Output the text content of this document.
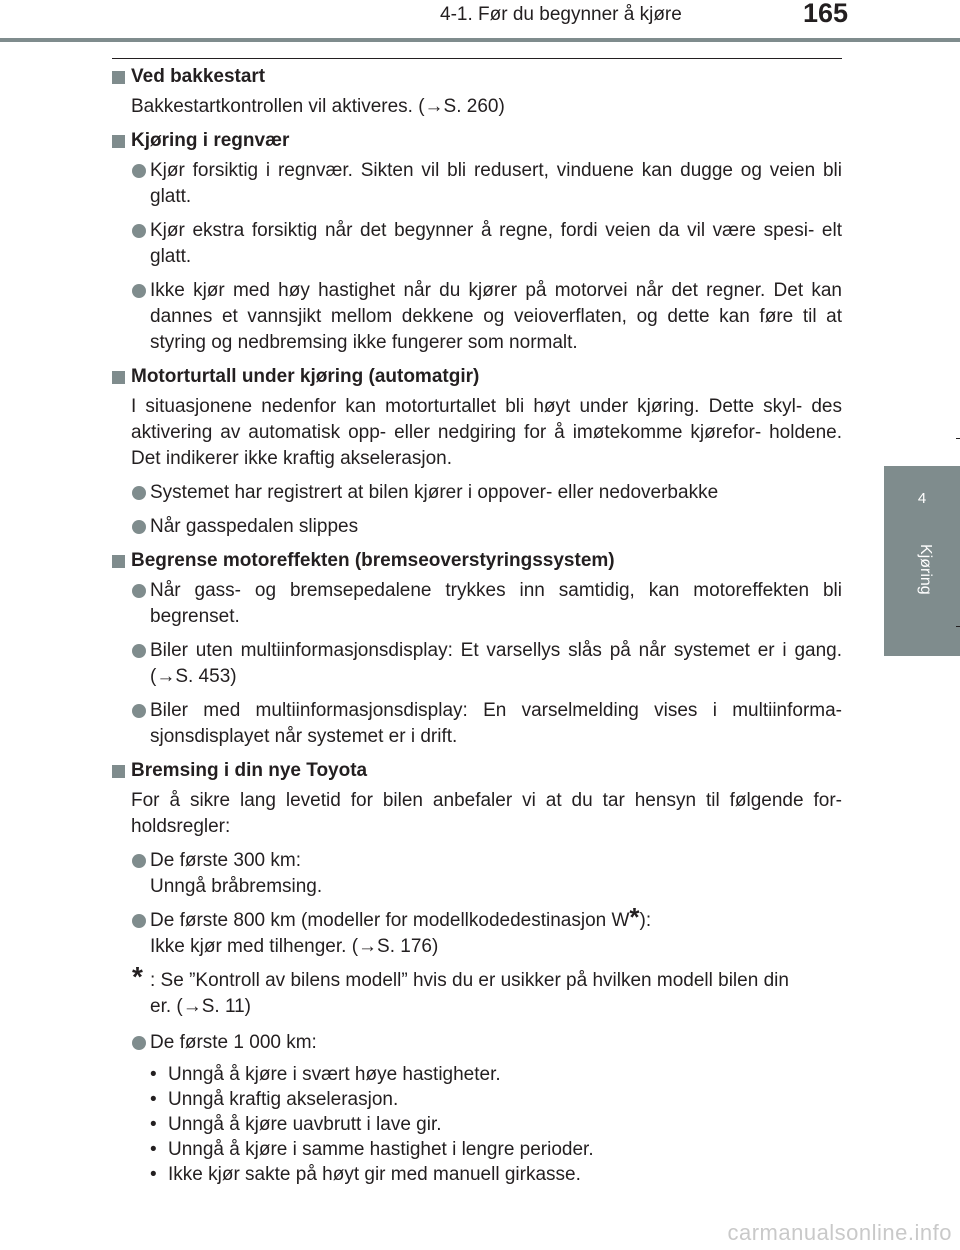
4-1. Før du begynner å kjøre	165
4
Kjøring
Ved bakkestart
Bakkestartkontrollen vil aktiveres. (→S. 260)
Kjøring i regnvær
Kjør forsiktig i regnvær. Sikten vil bli redusert, vinduene kan dugge og veien bli glatt.
Kjør ekstra forsiktig når det begynner å regne, fordi veien da vil være spesi- elt glatt.
Ikke kjør med høy hastighet når du kjører på motorvei når det regner. Det kan dannes et vannsjikt mellom dekkene og veioverflaten, og dette kan føre til at styring og nedbremsing ikke fungerer som normalt.
Motorturtall under kjøring (automatgir)
I situasjonene nedenfor kan motorturtallet bli høyt under kjøring. Dette skyl- des aktivering av automatisk opp- eller nedgiring for å imøtekomme kjørefor- holdene. Det indikerer ikke kraftig akselerasjon.
Systemet har registrert at bilen kjører i oppover- eller nedoverbakke
Når gasspedalen slippes
Begrense motoreffekten (bremseoverstyringssystem)
Når gass- og bremsepedalene trykkes inn samtidig, kan motoreffekten bli begrenset.
Biler uten multiinformasjonsdisplay: Et varsellys slås på når systemet er i gang. (→S. 453)
Biler med multiinformasjonsdisplay: En varselmelding vises i multiinforma- sjonsdisplayet når systemet er i drift.
Bremsing i din nye Toyota
For å sikre lang levetid for bilen anbefaler vi at du tar hensyn til følgende for- holdsregler:
De første 300 km:
Unngå bråbremsing.
De første 800 km (modeller for modellkodedestinasjon W*):
Ikke kjør med tilhenger. (→S. 176)
* : Se ”Kontroll av bilens modell” hvis du er usikker på hvilken modell bilen din
er. (→S. 11)
De første 1 000 km:
• Unngå å kjøre i svært høye hastigheter.
• Unngå kraftig akselerasjon.
• Unngå å kjøre uavbrutt i lave gir.
• Unngå å kjøre i samme hastighet i lengre perioder.
• Ikke kjør sakte på høyt gir med manuell girkasse.
carmanualsonline.info
